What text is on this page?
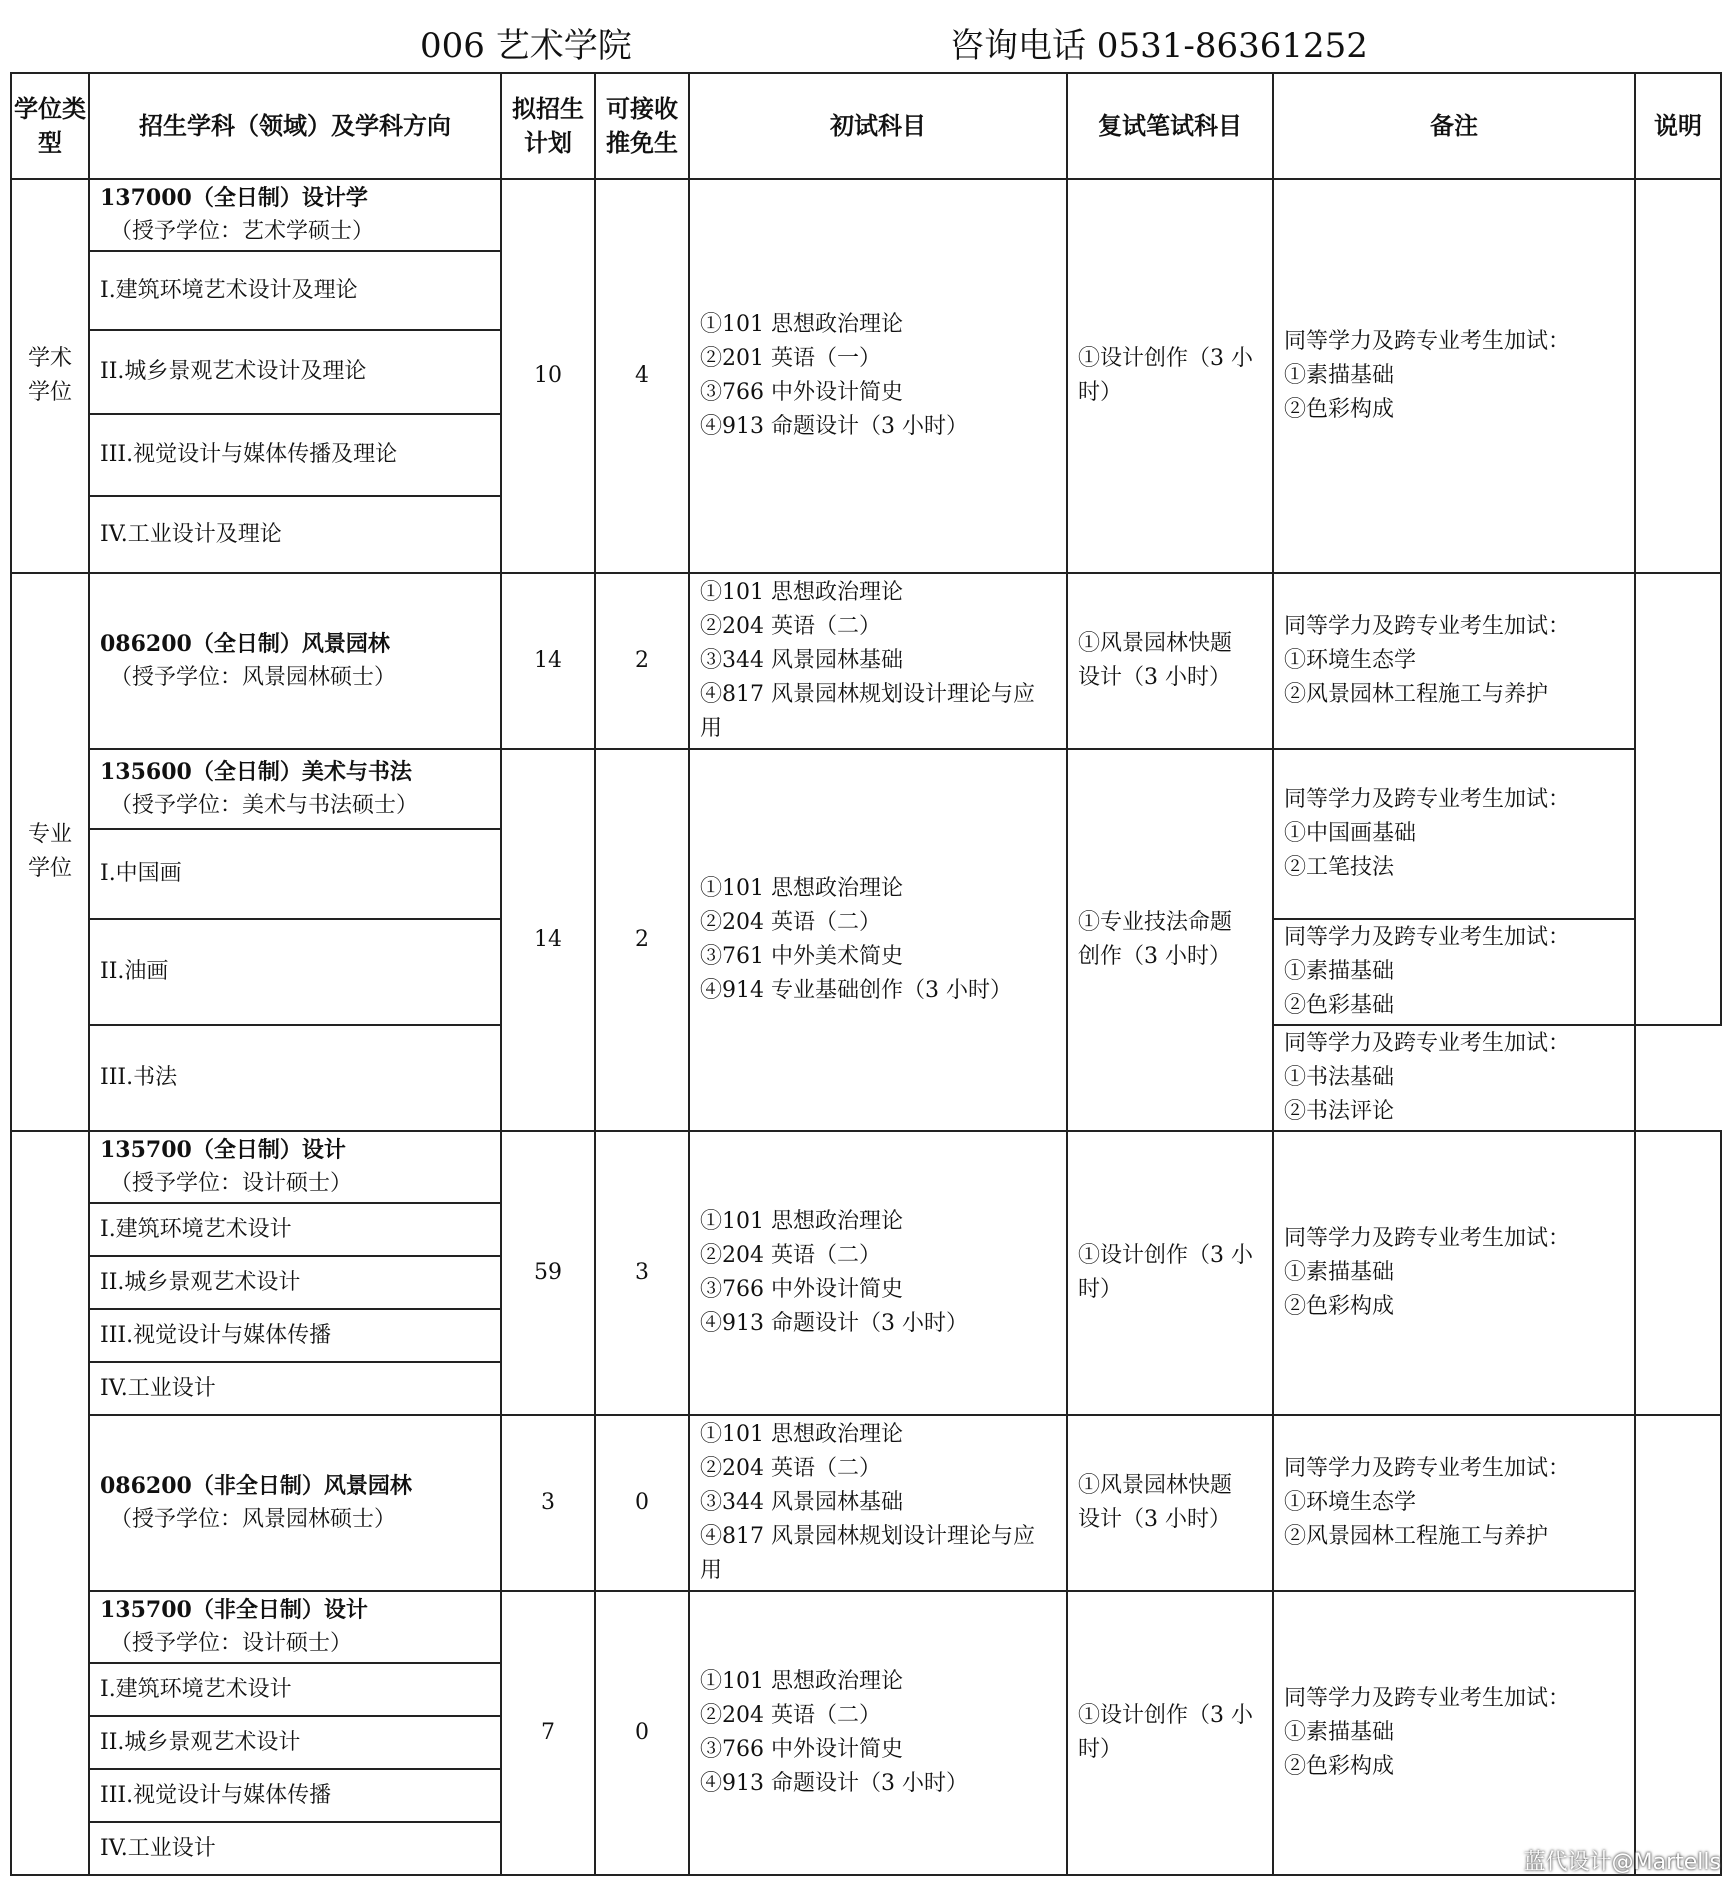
006 艺术学院	咨询电话 0531-86361252
学位类型	招生学科（领域）及学科方向	拟招生计划	可接收推免生	初试科目	复试笔试科目	备注	说明
学术学位	137000（全日制）设计学
（授予学位：艺术学硕士）	10	4	①101 思想政治理论
②201 英语（一）
③766 中外设计简史
④913 命题设计（3 小时）	①设计创作（3 小
时）	同等学力及跨专业考生加试：
①素描基础
②色彩构成	

	I.建筑环境艺术设计及理论						
	II.城乡景观艺术设计及理论						
	III.视觉设计与媒体传播及理论						
	IV.工业设计及理论						
专业学位	086200（全日制）风景园林
（授予学位：风景园林硕士）	14	2	①101 思想政治理论
②204 英语（二）
③344 风景园林基础
④817 风景园林规划设计理论与应
用	①风景园林快题
设计（3 小时）	同等学力及跨专业考生加试：
①环境生态学
②风景园林工程施工与养护	

	135600（全日制）美术与书法
（授予学位：美术与书法硕士）	14	2	①101 思想政治理论
②204 英语（二）
③761 中外美术简史
④914 专业基础创作（3 小时）	①专业技法命题
创作（3 小时）	同等学力及跨专业考生加试：
①中国画基础
②工笔技法	

	I.中国画						
	II.油画					同等学力及跨专业考生加试：
①素描基础
②色彩基础	

	III.书法					同等学力及跨专业考生加试：
①书法基础
②书法评论	

	135700（全日制）设计
（授予学位：设计硕士）	59	3	①101 思想政治理论
②204 英语（二）
③766 中外设计简史
④913 命题设计（3 小时）	①设计创作（3 小
时）	同等学力及跨专业考生加试：
①素描基础
②色彩构成	

	I.建筑环境艺术设计						
	II.城乡景观艺术设计						
	III.视觉设计与媒体传播						
	IV.工业设计						

	086200（非全日制）风景园林
（授予学位：风景园林硕士）	3	0	①101 思想政治理论
②204 英语（二）
③344 风景园林基础
④817 风景园林规划设计理论与应
用	①风景园林快题
设计（3 小时）	同等学力及跨专业考生加试：
①环境生态学
②风景园林工程施工与养护	

	135700（非全日制）设计
（授予学位：设计硕士）	7	0	①101 思想政治理论
②204 英语（二）
③766 中外设计简史
④913 命题设计（3 小时）	①设计创作（3 小
时）	同等学力及跨专业考生加试：
①素描基础
②色彩构成	

	I.建筑环境艺术设计						
	II.城乡景观艺术设计						
	III.视觉设计与媒体传播						
	IV.工业设计						
蓝代设计@Martells
